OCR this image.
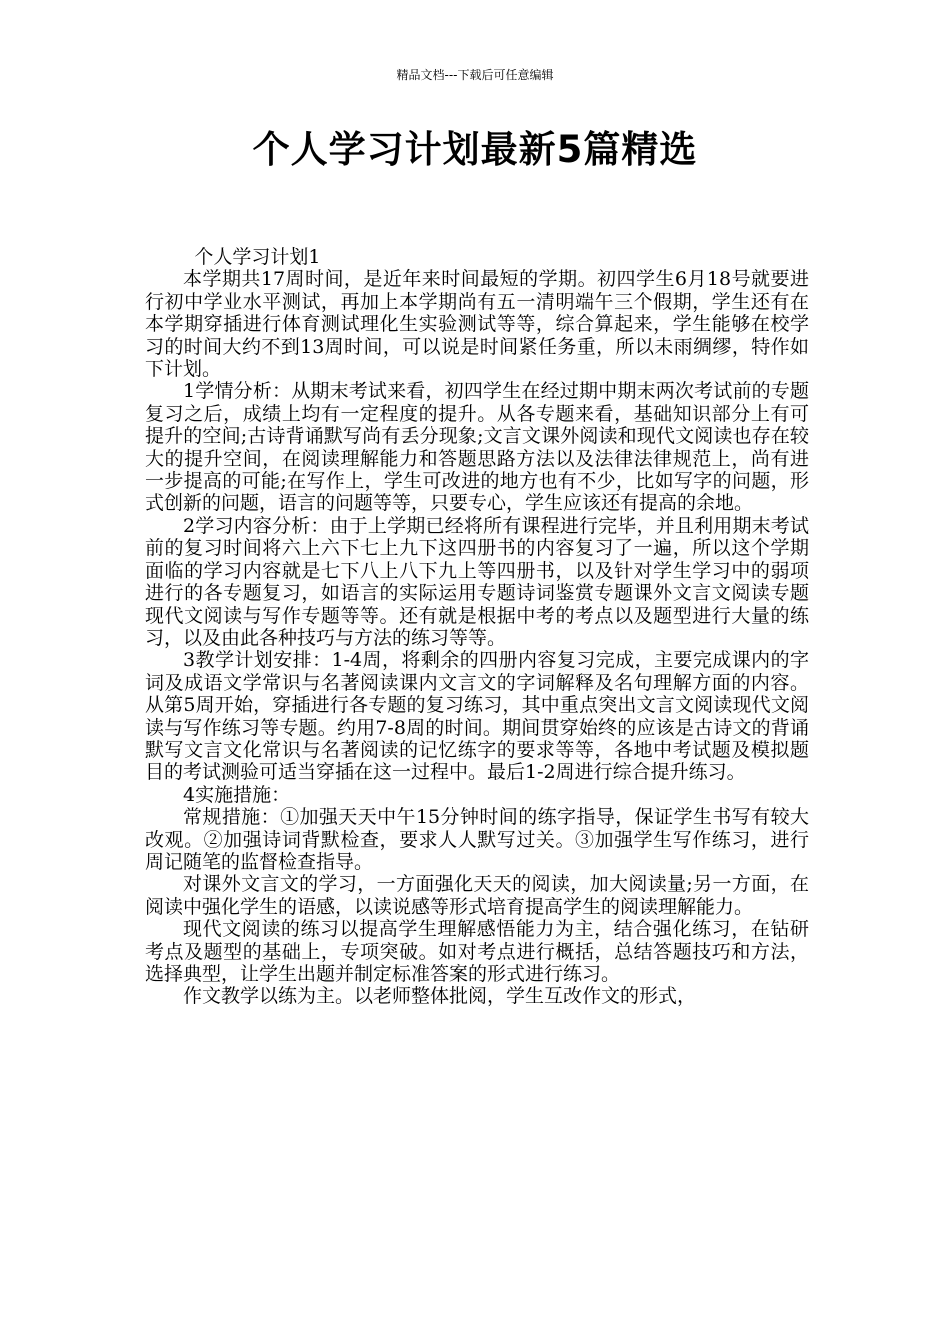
精品文档---下载后可任意编辑
个人学习计划最新5篇精选

个人学习计划1

本学期共17周时间，是近年来时间最短的学期。初四学生6月18号就要进行初中学业水平测试，再加上本学期尚有五一清明端午三个假期，学生还有在本学期穿插进行体育测试理化生实验测试等等，综合算起来，学生能够在校学习的时间大约不到13周时间，可以说是时间紧任务重，所以未雨绸缪，特作如下计划。

1学情分析：从期末考试来看，初四学生在经过期中期末两次考试前的专题复习之后，成绩上均有一定程度的提升。从各专题来看，基础知识部分上有可提升的空间;古诗背诵默写尚有丢分现象;文言文课外阅读和现代文阅读也存在较大的提升空间，在阅读理解能力和答题思路方法以及法律法律规范上，尚有进一步提高的可能;在写作上，学生可改进的地方也有不少，比如写字的问题，形式创新的问题，语言的问题等等，只要专心，学生应该还有提高的余地。

2学习内容分析：由于上学期已经将所有课程进行完毕，并且利用期末考试前的复习时间将六上六下七上九下这四册书的内容复习了一遍，所以这个学期面临的学习内容就是七下八上八下九上等四册书，以及针对学生学习中的弱项进行的各专题复习，如语言的实际运用专题诗词鉴赏专题课外文言文阅读专题现代文阅读与写作专题等等。还有就是根据中考的考点以及题型进行大量的练习，以及由此各种技巧与方法的练习等等。

3教学计划安排：1-4周，将剩余的四册内容复习完成，主要完成课内的字词及成语文学常识与名著阅读课内文言文的字词解释及名句理解方面的内容。从第5周开始，穿插进行各专题的复习练习，其中重点突出文言文阅读现代文阅读与写作练习等专题。约用7-8周的时间。期间贯穿始终的应该是古诗文的背诵默写文言文化常识与名著阅读的记忆练字的要求等等，各地中考试题及模拟题目的考试测验可适当穿插在这一过程中。最后1-2周进行综合提升练习。

4实施措施：

常规措施：①加强天天中午15分钟时间的练字指导，保证学生书写有较大改观。②加强诗词背默检查，要求人人默写过关。③加强学生写作练习，进行周记随笔的监督检查指导。

对课外文言文的学习，一方面强化天天的阅读，加大阅读量;另一方面，在阅读中强化学生的语感，以读说感等形式培育提高学生的阅读理解能力。

现代文阅读的练习以提高学生理解感悟能力为主，结合强化练习，在钻研考点及题型的基础上，专项突破。如对考点进行概括，总结答题技巧和方法，选择典型，让学生出题并制定标准答案的形式进行练习。

作文教学以练为主。以老师整体批阅，学生互改作文的形式，
